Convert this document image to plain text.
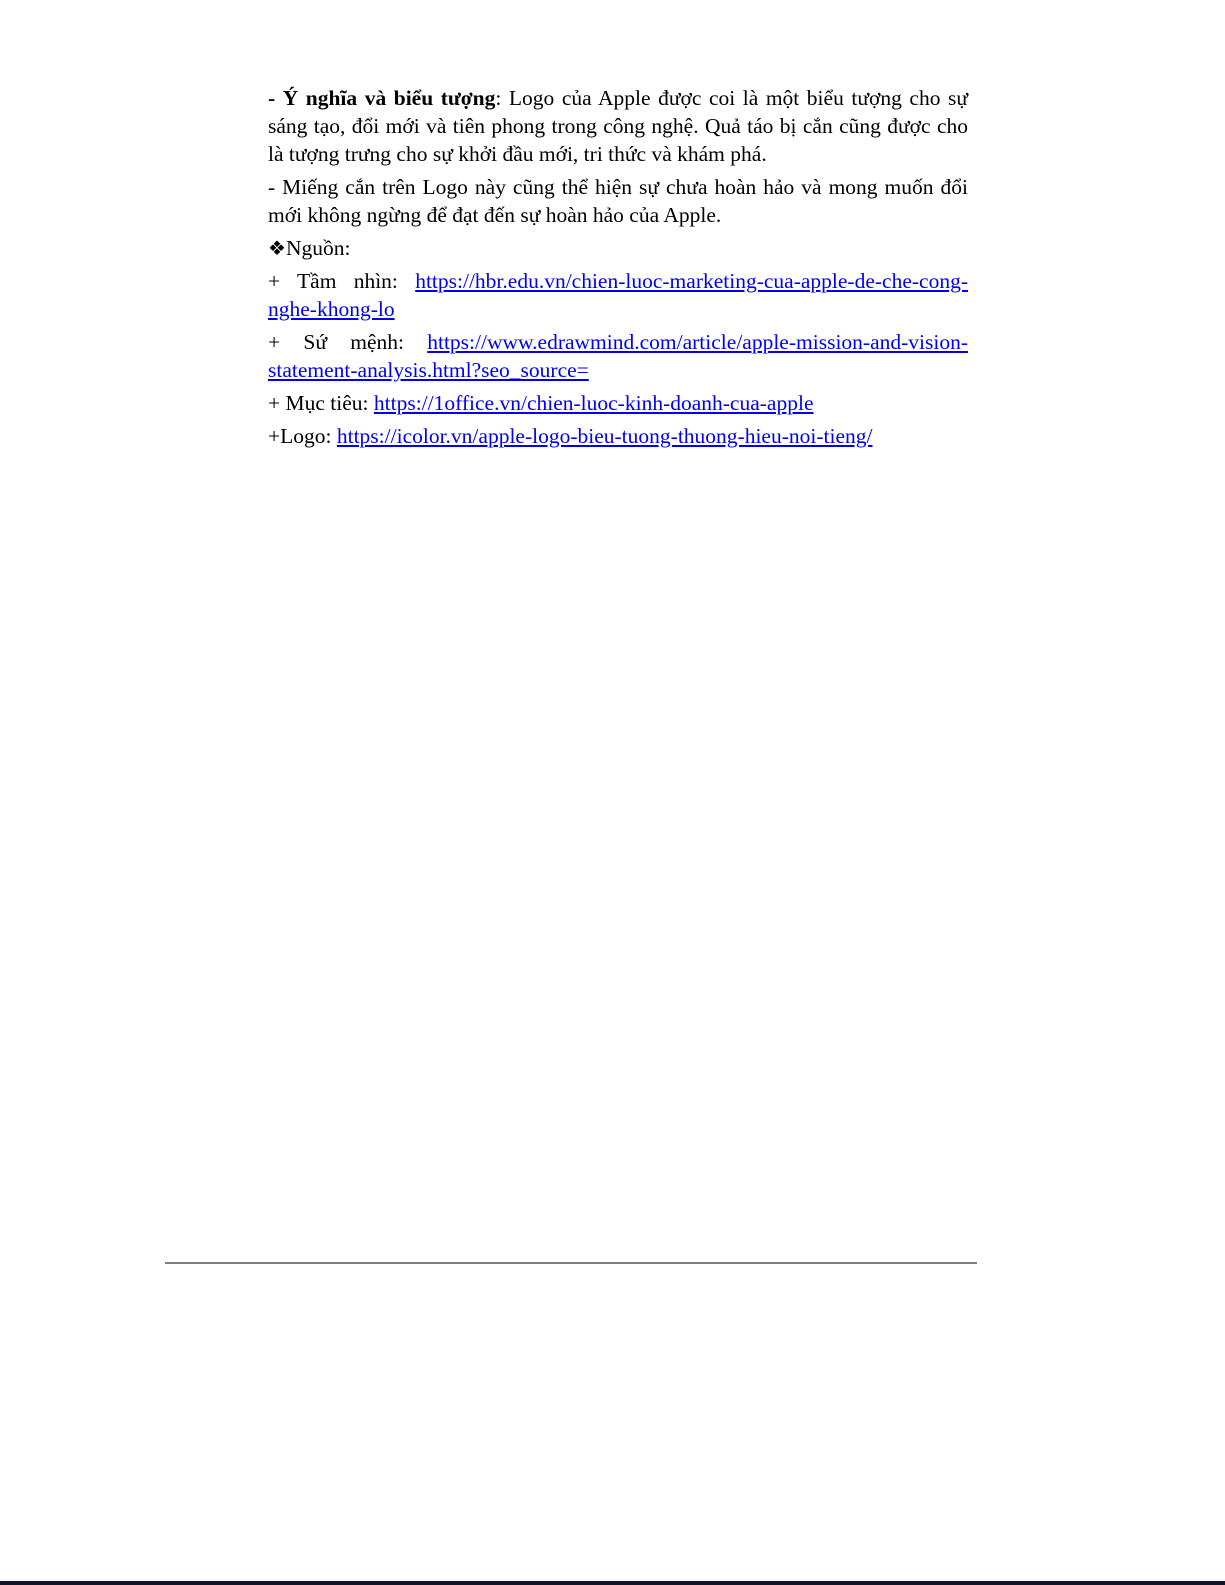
- Ý nghĩa và biểu tượng: Logo của Apple được coi là một biểu tượng cho sự sáng tạo, đổi mới và tiên phong trong công nghệ. Quả táo bị cắn cũng được cho là tượng trưng cho sự khởi đầu mới, tri thức và khám phá.

- Miếng cắn trên Logo này cũng thể hiện sự chưa hoàn hảo và mong muốn đổi mới không ngừng để đạt đến sự hoàn hảo của Apple.

❖Nguồn:

+ Tầm nhìn: https://hbr.edu.vn/chien-luoc-marketing-cua-apple-de-che-cong-nghe-khong-lo

+ Sứ mệnh: https://www.edrawmind.com/article/apple-mission-and-vision-statement-analysis.html?seo_source=

+ Mục tiêu: https://1office.vn/chien-luoc-kinh-doanh-cua-apple

+Logo: https://icolor.vn/apple-logo-bieu-tuong-thuong-hieu-noi-tieng/
